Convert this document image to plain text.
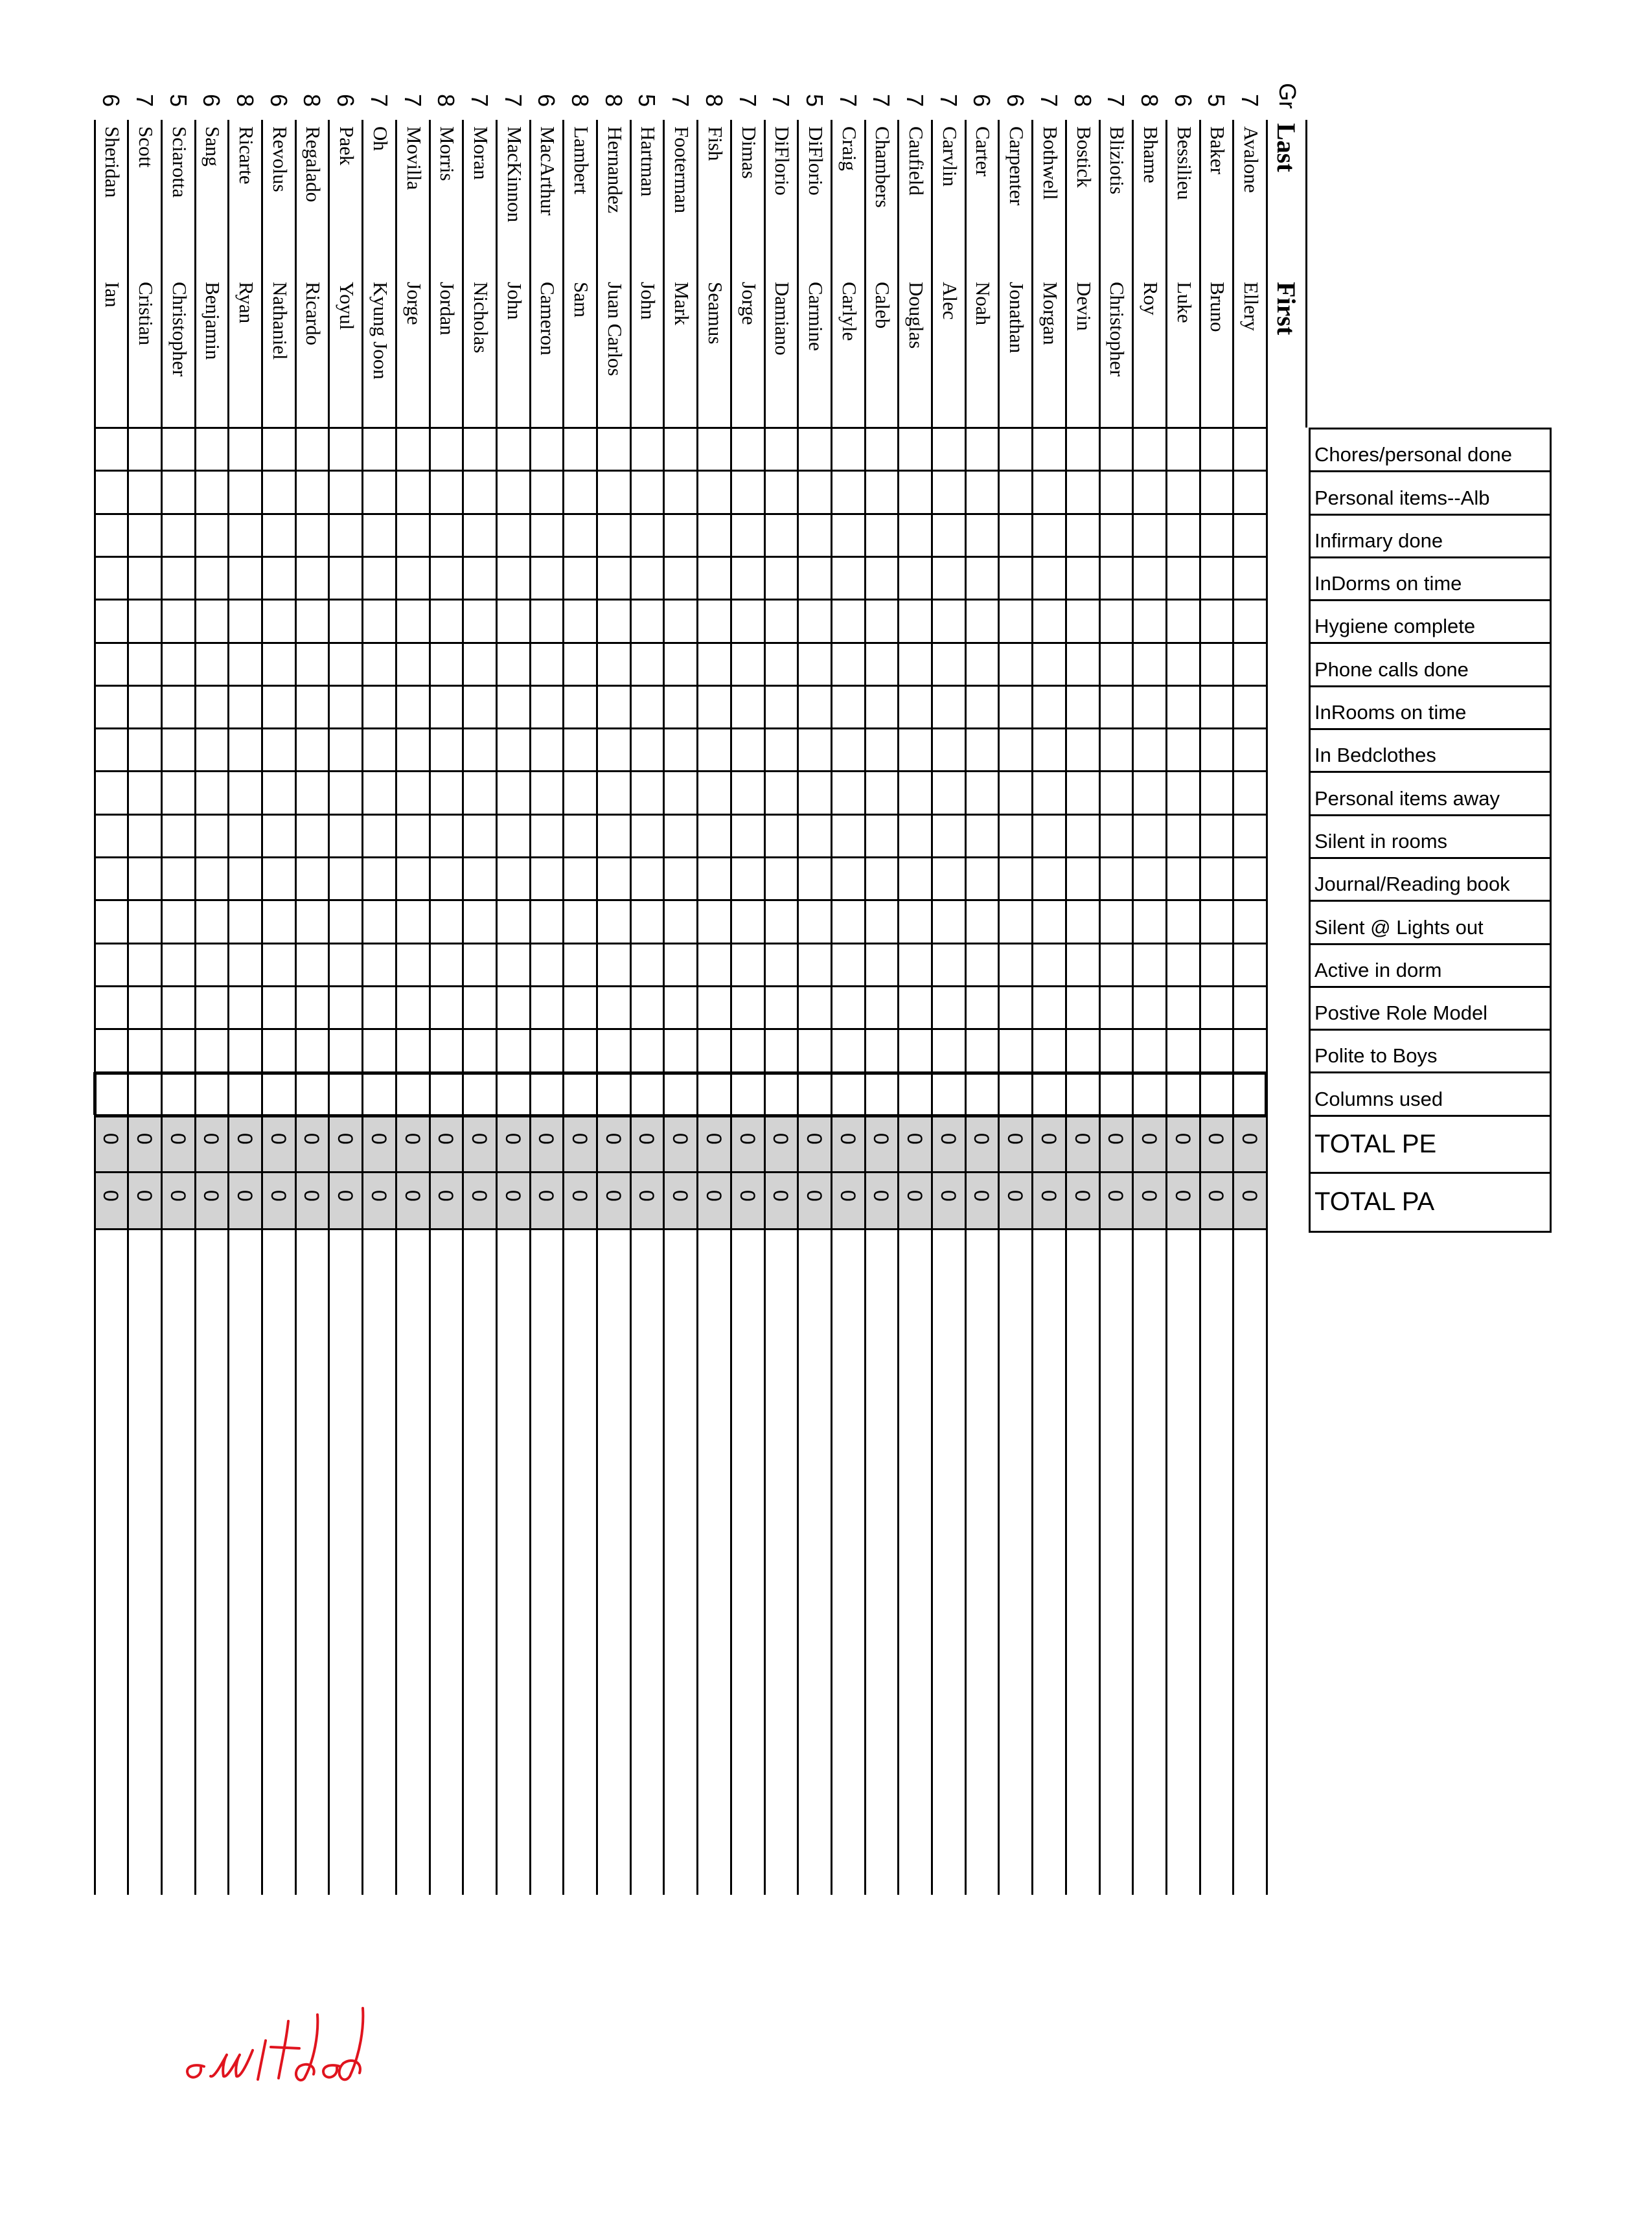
Gr
Last
First
7
Avalone
Ellery
0
0
5
Baker
Bruno
0
0
6
Bessilieu
Luke
0
0
8
Bhame
Roy
0
0
7
Bliziotis
Christopher
0
0
8
Bostick
Devin
0
0
7
Bothwell
Morgan
0
0
6
Carpenter
Jonathan
0
0
6
Carter
Noah
0
0
7
Carvlin
Alec
0
0
7
Caufield
Douglas
0
0
7
Chambers
Caleb
0
0
7
Craig
Carlyle
0
0
5
DiFlorio
Carmine
0
0
7
DiFlorio
Damiano
0
0
7
Dimas
Jorge
0
0
8
Fish
Seamus
0
0
7
Footerman
Mark
0
0
5
Hartman
John
0
0
8
Hernandez
Juan Carlos
0
0
8
Lambert
Sam
0
0
6
MacArthur
Cameron
0
0
7
MacKinnon
John
0
0
7
Moran
Nicholas
0
0
8
Morris
Jordan
0
0
7
Movilla
Jorge
0
0
7
Oh
Kyung Joon
0
0
6
Paek
Yoyul
0
0
8
Regalado
Ricardo
0
0
6
Revolus
Nathaniel
0
0
8
Ricarte
Ryan
0
0
6
Sang
Benjamin
0
0
5
Sciarotta
Christopher
0
0
7
Scott
Cristian
0
0
6
Sheridan
Ian
0
0
Chores/personal done
Personal items--Alb
Infirmary done
InDorms on time
Hygiene complete
Phone calls done
InRooms on time
In Bedclothes
Personal items away
Silent in rooms
Journal/Reading book
Silent @ Lights out
Active in dorm
Postive Role Model
Polite to Boys
Columns used
TOTAL PE
TOTAL PA
